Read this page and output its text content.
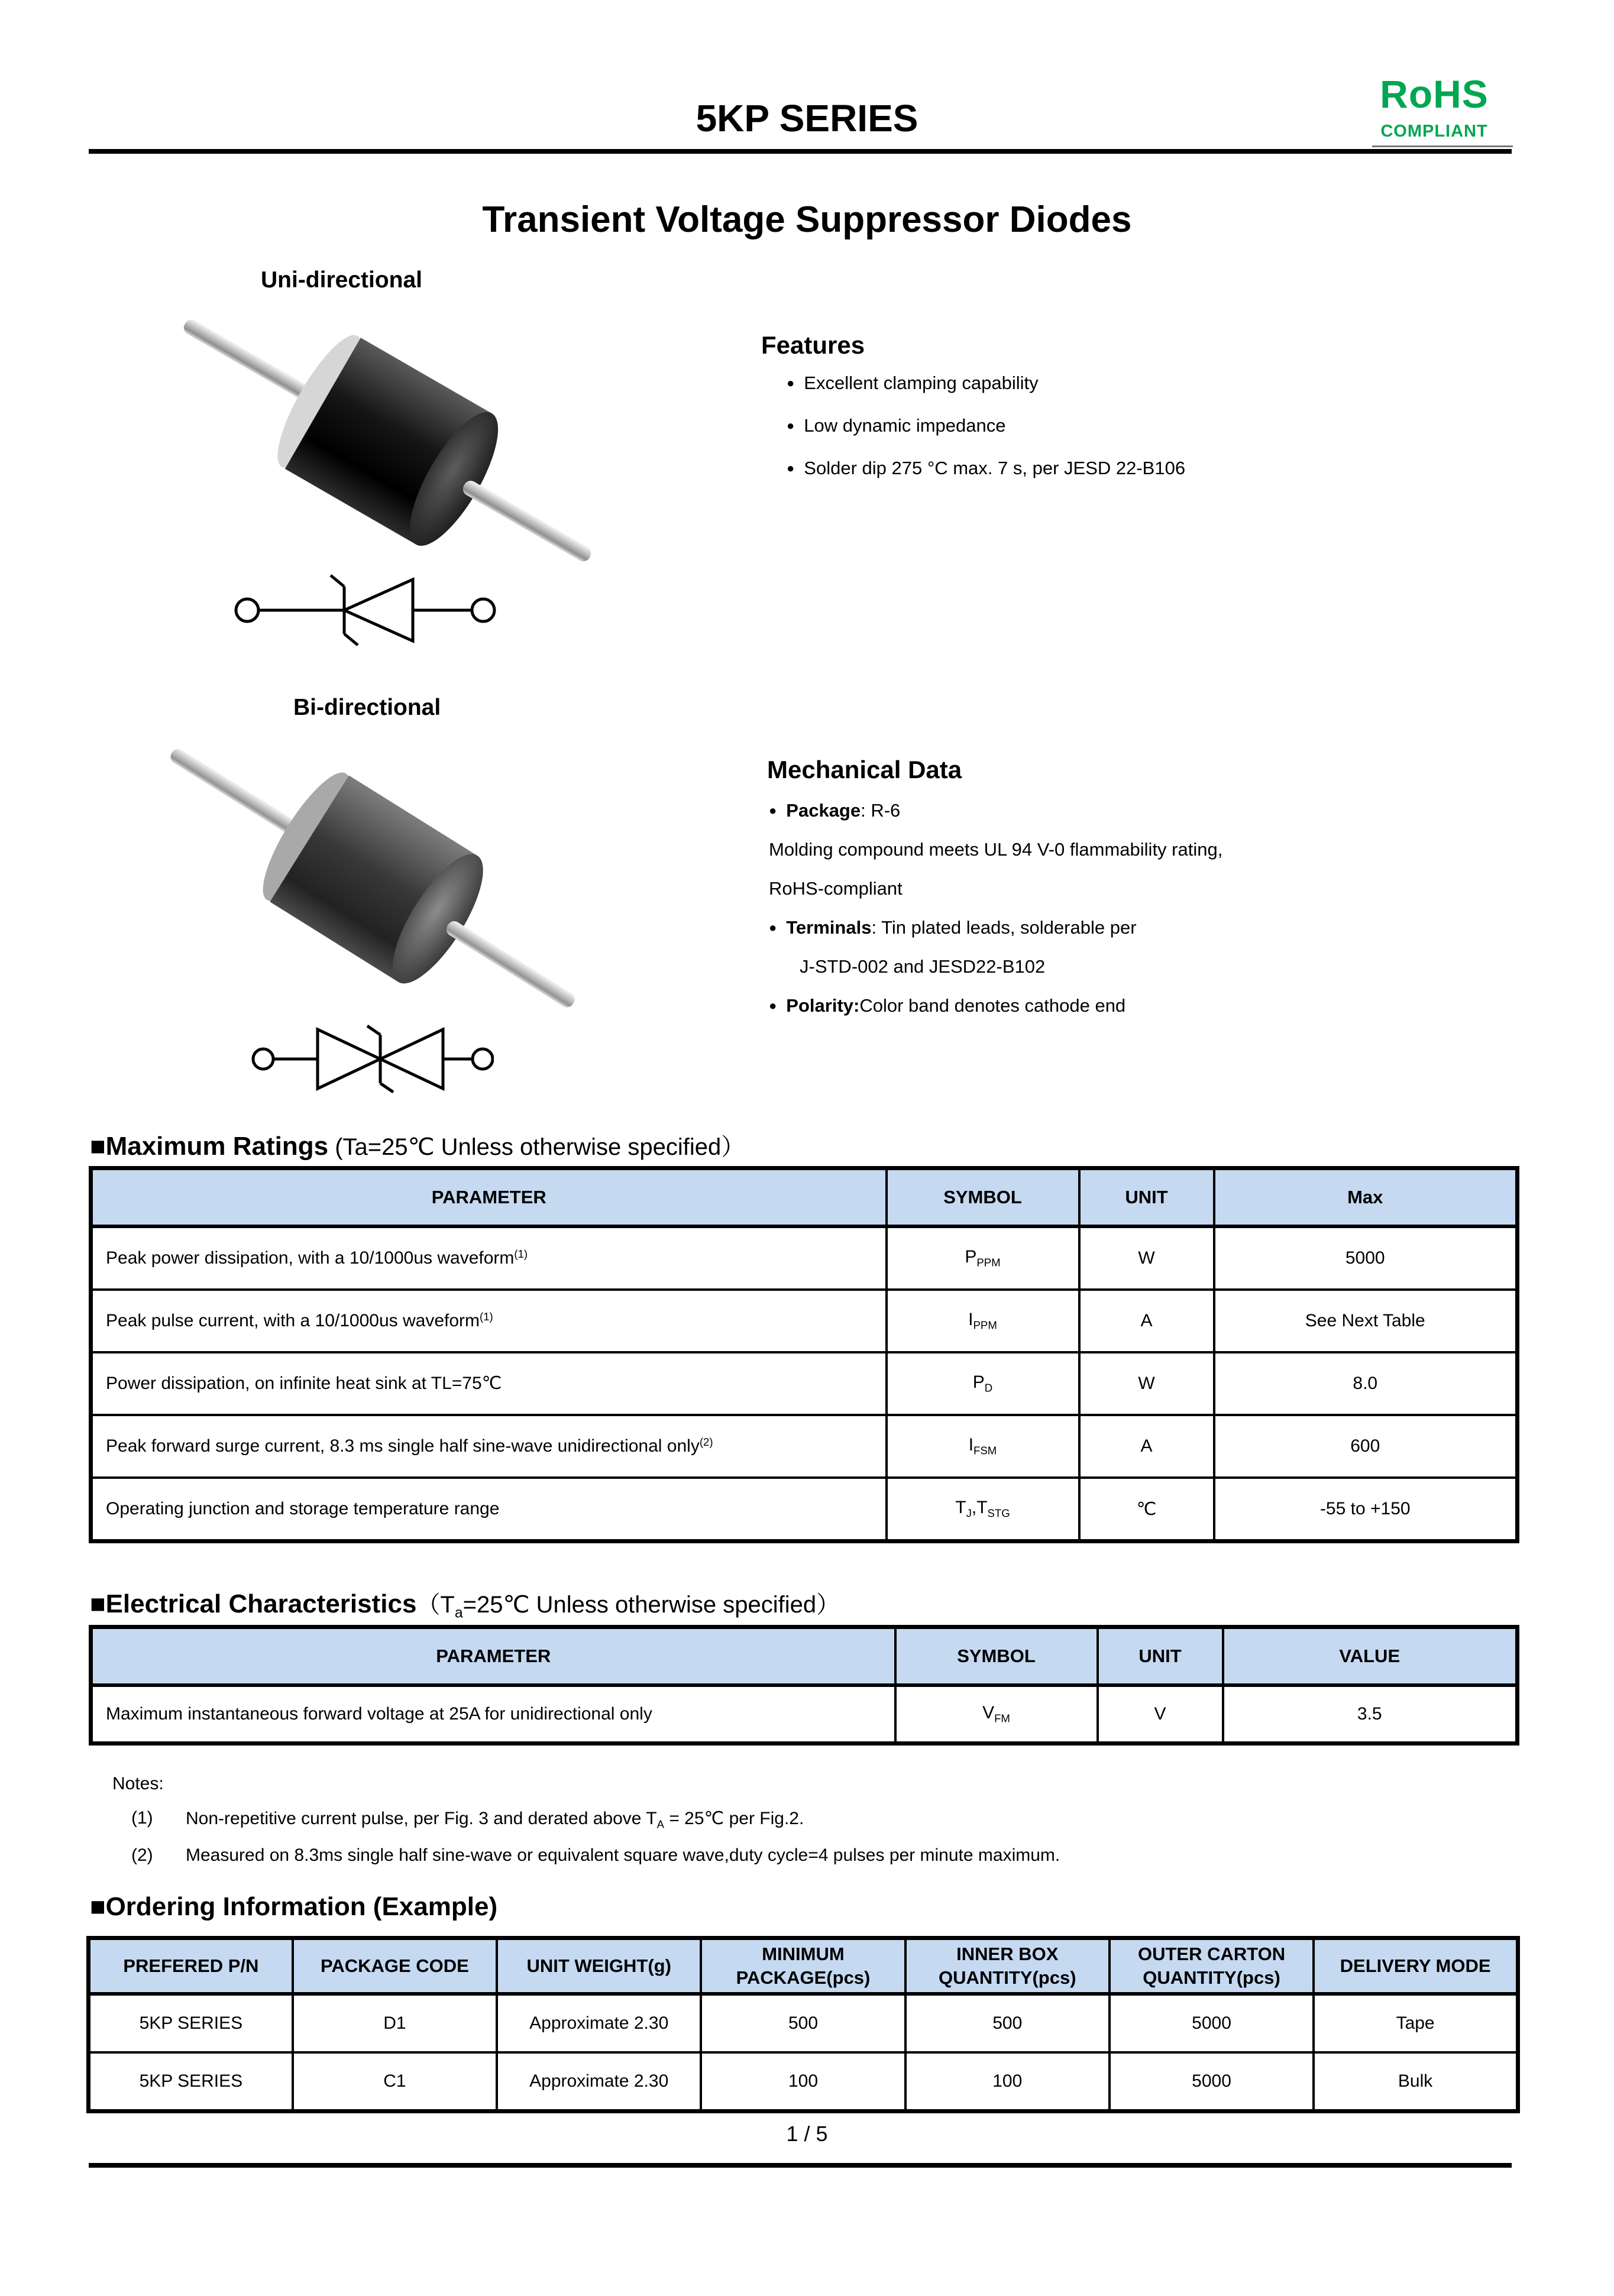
5KP SERIES
RoHS
COMPLIANT
Transient Voltage Suppressor Diodes
Uni-directional
Bi-directional
Features
● Excellent clamping capability
● Low dynamic impedance
● Solder dip 275 °C max. 7 s, per JESD 22-B106
Mechanical Data
● Package : R-6
Molding compound meets UL 94 V-0 flammability rating,
RoHS-compliant
● Terminals : Tin plated leads, solderable per
J-STD-002 and JESD22-B102
● Polarity: Color band denotes cathode end
■Maximum Ratings (Ta=25℃ Unless otherwise specified）
PARAMETER	SYMBOL	UNIT	Max
Peak power dissipation, with a 10/1000us waveform$^{(1)}$	$P_{PPM}$	W	5000
Peak pulse current, with a 10/1000us waveform$^{(1)}$	$I_{PPM}$	A	See Next Table
Power dissipation, on infinite heat sink at TL=75℃	$P_D$	W	8.0
Peak forward surge current, 8.3 ms single half sine-wave unidirectional only$^{(2)}$	$I_{FSM}$	A	600
Operating junction and storage temperature range	$T_J,T_{STG}$	℃	-55 to +150
■Electrical $Characteristics(T_a=25℃$ Unless otherwise specified）
PARAMETER	SYMBOL	UNIT	VALUE
Maximum instantaneous forward voltage at 25A for unidirectional only	$V_{FM}$	V	3.5
Notes:
(1)	Non-repetitive current pulse, per Fig. 3 and derated above $T_A$ = 25℃ per Fig.2.
(2)	Measured on 8.3ms single half sine-wave or equivalent square wave,duty cycle=4 pulses per minute maximum.
■Ordering Information (Example)
PREFERED P/N	PACKAGE CODE	UNIT WEIGHT(g)	MINIMUM PACKAGE(pcs)	INNER BOX QUANTITY(pcs)	OUTER CARTON QUANTITY(pcs)	DELIVERY MODE
5KP SERIES	D1	Approximate 2.30	500	500	5000	Tape
5KP SERIES	C1	Approximate 2.30	100	100	5000	Bulk
1 / 5
